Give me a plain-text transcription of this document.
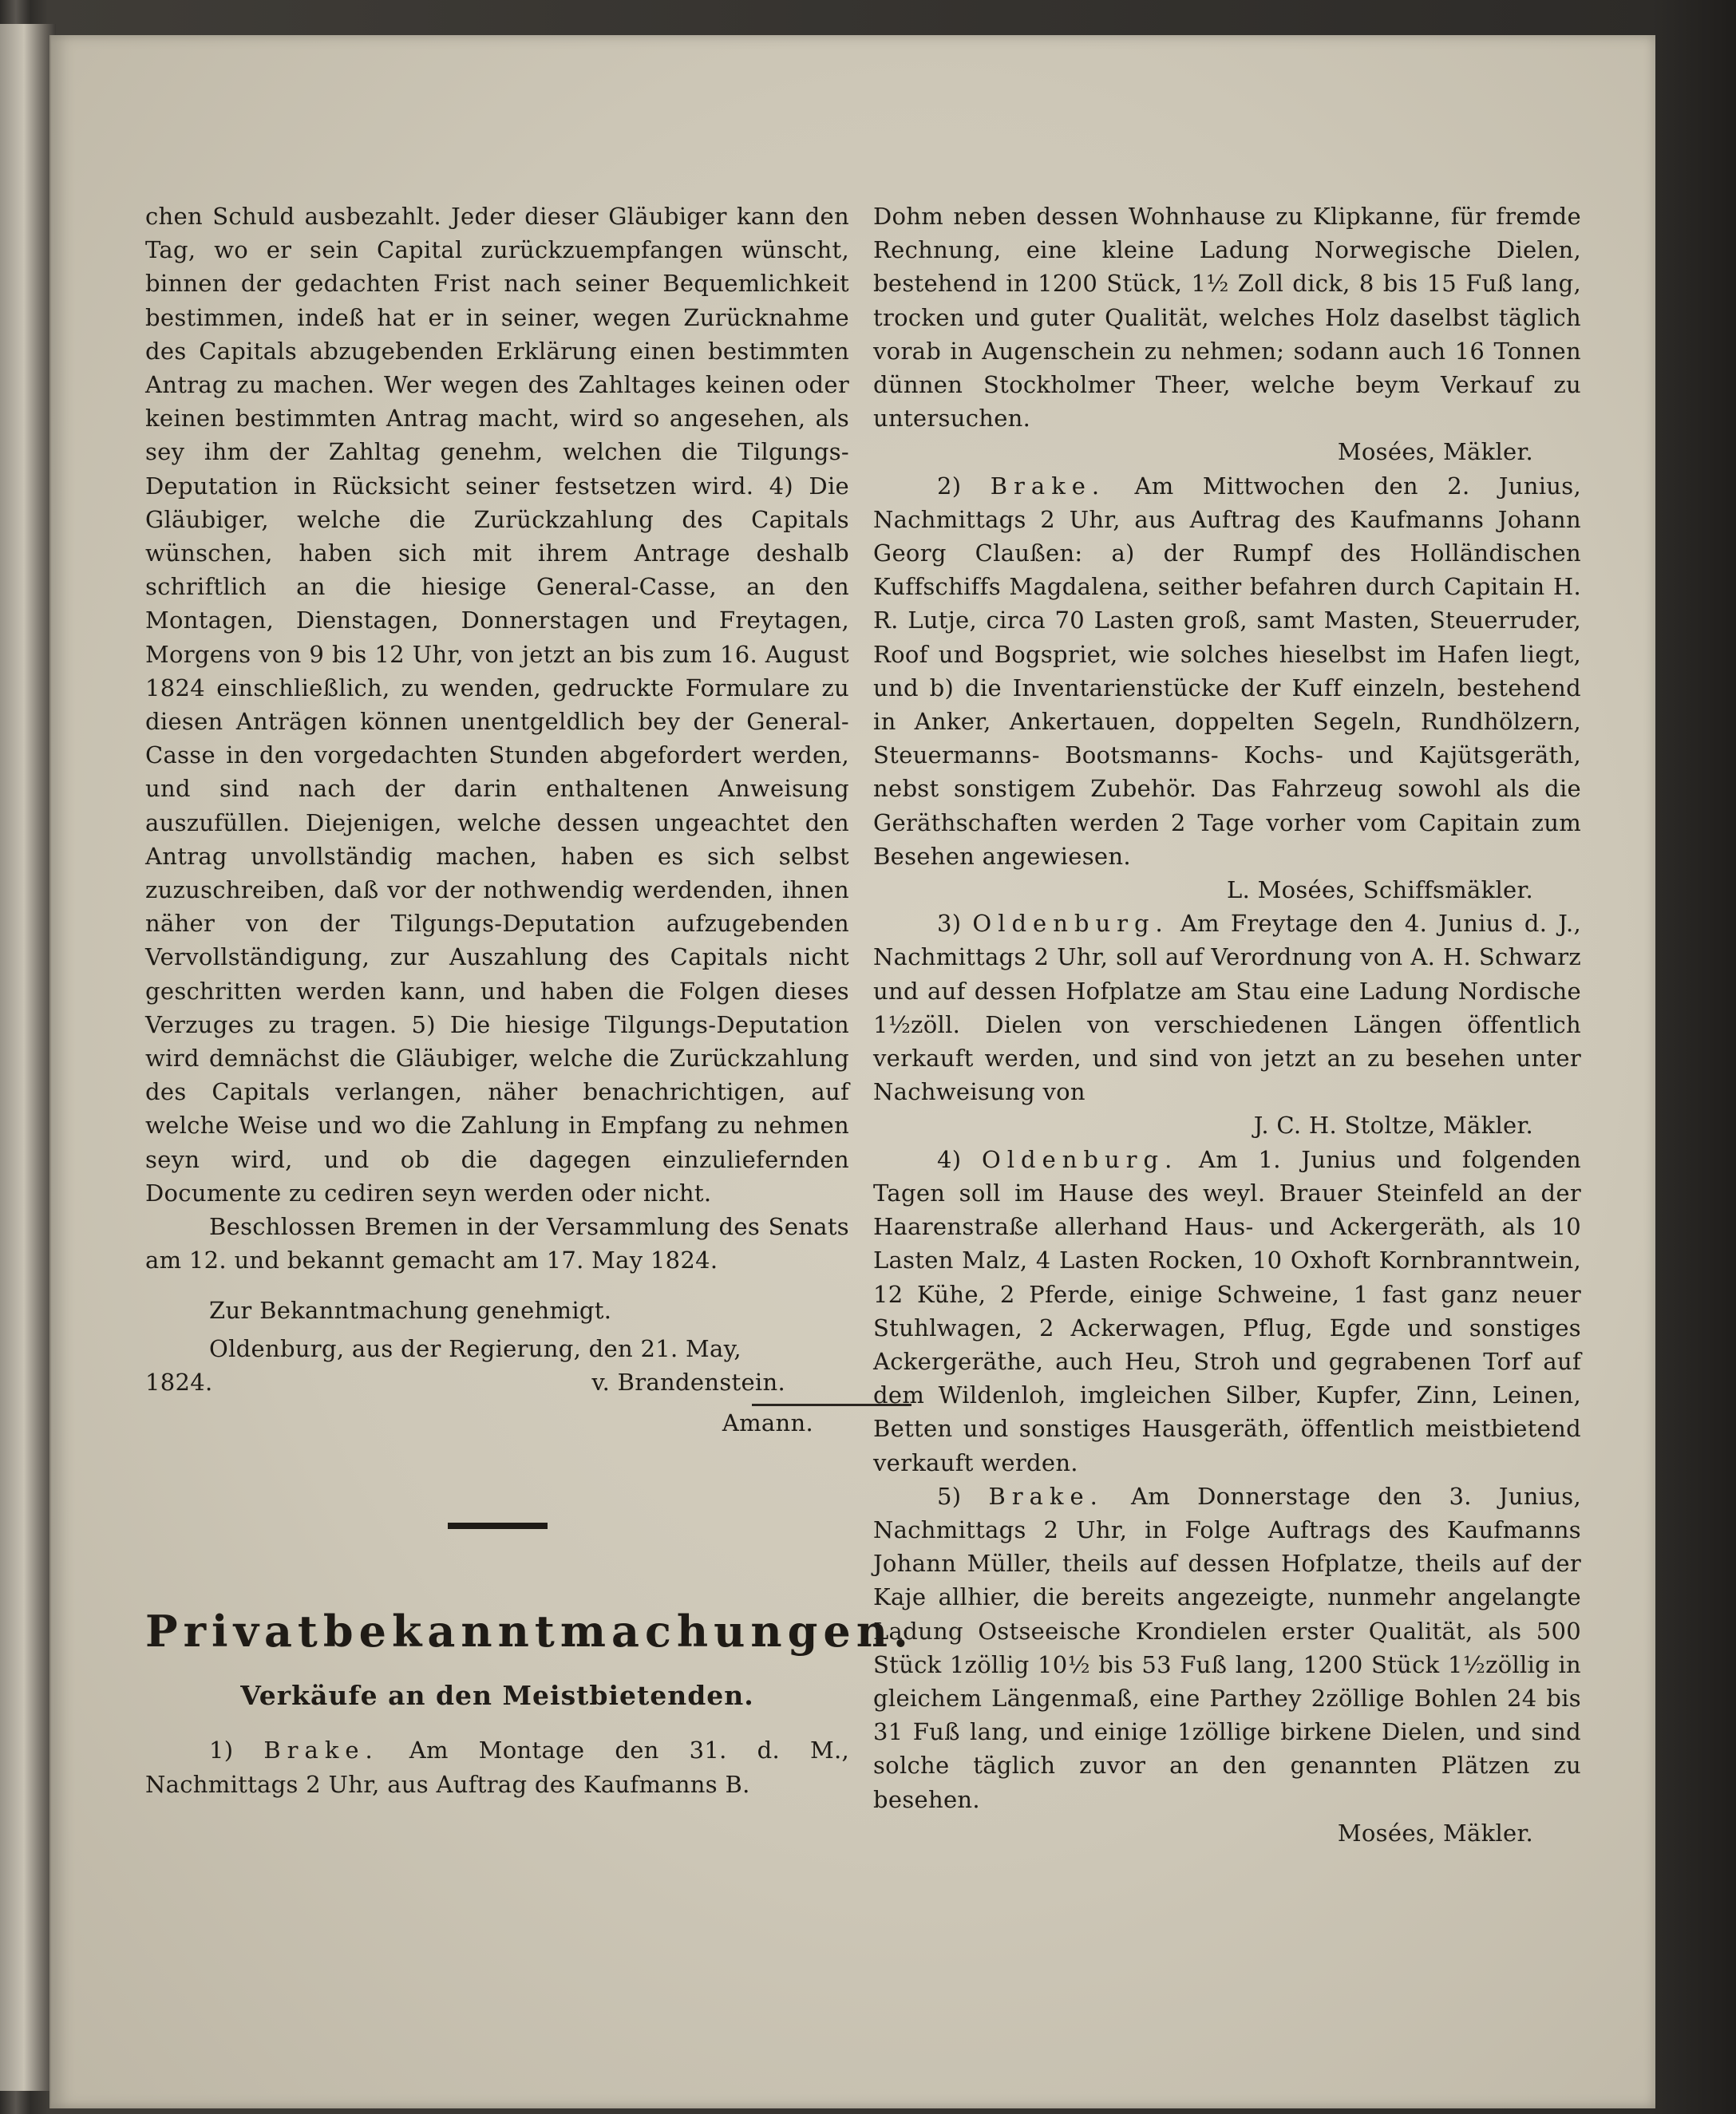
chen Schuld ausbezahlt. Jeder dieser Gläubiger kann den Tag, wo er sein Capital zurückzuempfangen wünscht, binnen der gedachten Frist nach seiner Bequemlichkeit bestimmen, indeß hat er in seiner, wegen Zurücknahme des Capitals abzugebenden Erklärung einen bestimmten Antrag zu machen. Wer wegen des Zahltages keinen oder keinen bestimmten Antrag macht, wird so angesehen, als sey ihm der Zahltag genehm, welchen die Tilgungs-Deputation in Rücksicht seiner festsetzen wird. 4) Die Gläubiger, welche die Zurückzahlung des Capitals wünschen, haben sich mit ihrem Antrage deshalb schriftlich an die hiesige General-Casse, an den Montagen, Dienstagen, Donnerstagen und Freytagen, Morgens von 9 bis 12 Uhr, von jetzt an bis zum 16. August 1824 einschließlich, zu wenden, gedruckte Formulare zu diesen Anträgen können unentgeldlich bey der General-Casse in den vorgedachten Stunden abgefordert werden, und sind nach der darin enthaltenen Anweisung auszufüllen. Diejenigen, welche dessen ungeachtet den Antrag unvollständig machen, haben es sich selbst zuzuschreiben, daß vor der nothwendig werdenden, ihnen näher von der Tilgungs-Deputation aufzugebenden Vervollständigung, zur Auszahlung des Capitals nicht geschritten werden kann, und haben die Folgen dieses Verzuges zu tragen. 5) Die hiesige Tilgungs-Deputation wird demnächst die Gläubiger, welche die Zurückzahlung des Capitals verlangen, näher benachrichtigen, auf welche Weise und wo die Zahlung in Empfang zu nehmen seyn wird, und ob die dagegen einzuliefernden Documente zu cediren seyn werden oder nicht.

Beschlossen Bremen in der Versammlung des Senats am 12. und bekannt gemacht am 17. May 1824.

Zur Bekanntmachung genehmigt.

Oldenburg, aus der Regierung, den 21. May,

1824.	v. Brandenstein.

Amann.

Privatbekanntmachungen.
Verkäufe an den Meistbietenden.

1) Brake. Am Montage den 31. d. M., Nachmittags 2 Uhr, aus Auftrag des Kaufmanns B.

Dohm neben dessen Wohnhause zu Klipkanne, für fremde Rechnung, eine kleine Ladung Norwegische Dielen, bestehend in 1200 Stück, 1½ Zoll dick, 8 bis 15 Fuß lang, trocken und guter Qualität, welches Holz daselbst täglich vorab in Augenschein zu nehmen; sodann auch 16 Tonnen dünnen Stockholmer Theer, welche beym Verkauf zu untersuchen.

Mosées, Mäkler.

2) Brake. Am Mittwochen den 2. Junius, Nachmittags 2 Uhr, aus Auftrag des Kaufmanns Johann Georg Claußen: a) der Rumpf des Holländischen Kuffschiffs Magdalena, seither befahren durch Capitain H. R. Lutje, circa 70 Lasten groß, samt Masten, Steuerruder, Roof und Bogspriet, wie solches hieselbst im Hafen liegt, und b) die Inventarienstücke der Kuff einzeln, bestehend in Anker, Ankertauen, doppelten Segeln, Rundhölzern, Steuermanns- Bootsmanns- Kochs- und Kajütsgeräth, nebst sonstigem Zubehör. Das Fahrzeug sowohl als die Geräthschaften werden 2 Tage vorher vom Capitain zum Besehen angewiesen.

L. Mosées, Schiffsmäkler.

3) Oldenburg. Am Freytage den 4. Junius d. J., Nachmittags 2 Uhr, soll auf Verordnung von A. H. Schwarz und auf dessen Hofplatze am Stau eine Ladung Nordische 1½zöll. Dielen von verschiedenen Längen öffentlich verkauft werden, und sind von jetzt an zu besehen unter Nachweisung von

J. C. H. Stoltze, Mäkler.

4) Oldenburg. Am 1. Junius und folgenden Tagen soll im Hause des weyl. Brauer Steinfeld an der Haarenstraße allerhand Haus- und Ackergeräth, als 10 Lasten Malz, 4 Lasten Rocken, 10 Oxhoft Kornbranntwein, 12 Kühe, 2 Pferde, einige Schweine, 1 fast ganz neuer Stuhlwagen, 2 Ackerwagen, Pflug, Egde und sonstiges Ackergeräthe, auch Heu, Stroh und gegrabenen Torf auf dem Wildenloh, imgleichen Silber, Kupfer, Zinn, Leinen, Betten und sonstiges Hausgeräth, öffentlich meistbietend verkauft werden.

5) Brake. Am Donnerstage den 3. Junius, Nachmittags 2 Uhr, in Folge Auftrags des Kaufmanns Johann Müller, theils auf dessen Hofplatze, theils auf der Kaje allhier, die bereits angezeigte, nunmehr angelangte Ladung Ostseeische Krondielen erster Qualität, als 500 Stück 1zöllig 10½ bis 53 Fuß lang, 1200 Stück 1½zöllig in gleichem Längenmaß, eine Parthey 2zöllige Bohlen 24 bis 31 Fuß lang, und einige 1zöllige birkene Dielen, und sind solche täglich zuvor an den genannten Plätzen zu besehen.

Mosées, Mäkler.
